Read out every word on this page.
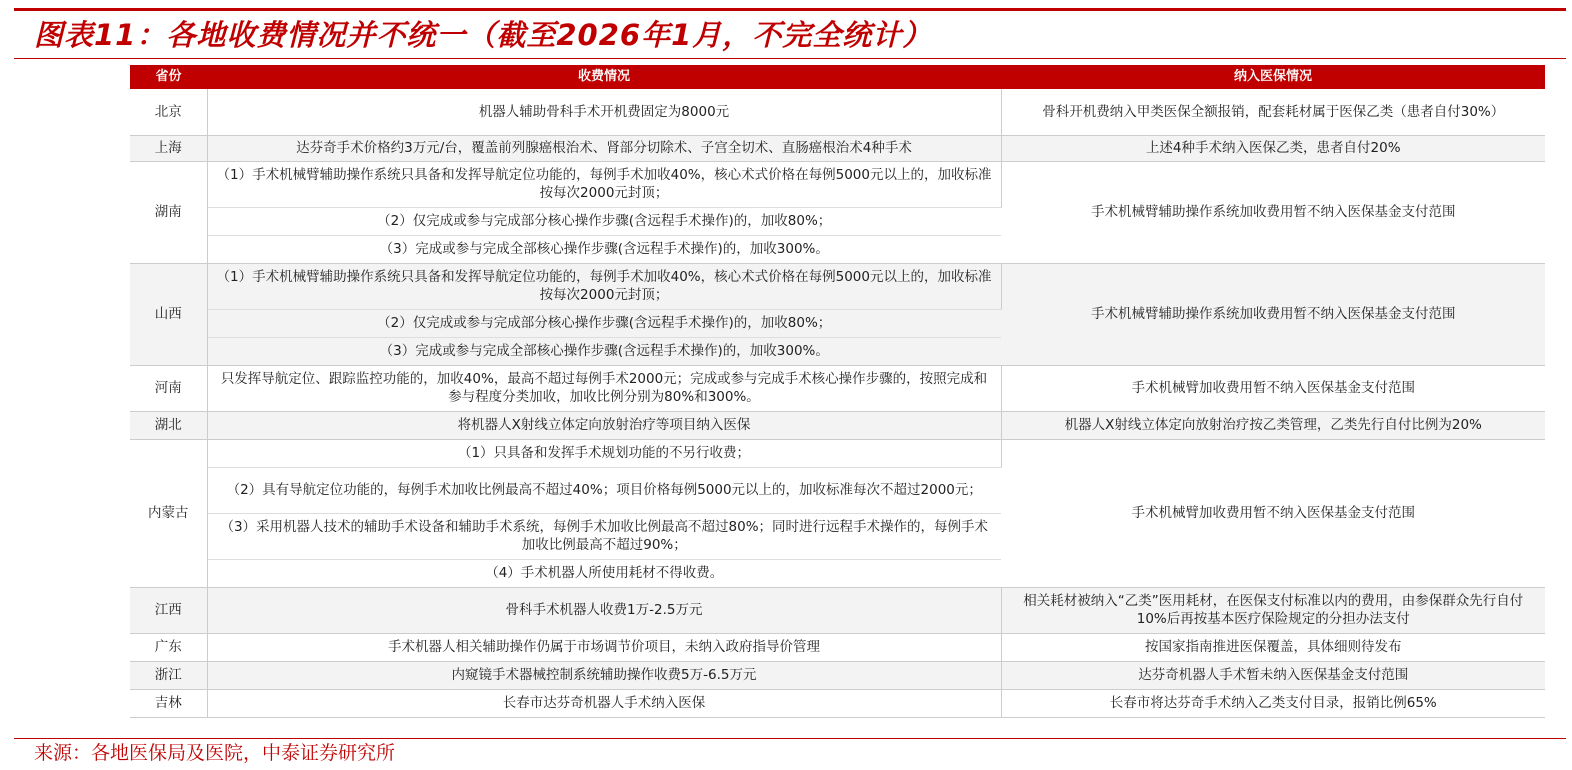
图表11：各地收费情况并不统一（截至2026年1月，不完全统计）
省份	收费情况	纳入医保情况
北京	机器人辅助骨科手术开机费固定为8000元	骨科开机费纳入甲类医保全额报销，配套耗材属于医保乙类（患者自付30%）
上海	达芬奇手术价格约3万元/台，覆盖前列腺癌根治术、肾部分切除术、子宫全切术、直肠癌根治术4种手术	上述4种手术纳入医保乙类，患者自付20%
湖南	（1）手术机械臂辅助操作系统只具备和发挥导航定位功能的，每例手术加收40%，核心术式价格在每例5000元以上的，加收标准按每次2000元封顶；	手术机械臂辅助操作系统加收费用暂不纳入医保基金支付范围
	（2）仅完成或参与完成部分核心操作步骤(含远程手术操作)的，加收80%；	
	（3）完成或参与完成全部核心操作步骤(含远程手术操作)的，加收300%。	
山西	（1）手术机械臂辅助操作系统只具备和发挥导航定位功能的，每例手术加收40%，核心术式价格在每例5000元以上的，加收标准按每次2000元封顶；	手术机械臂辅助操作系统加收费用暂不纳入医保基金支付范围
	（2）仅完成或参与完成部分核心操作步骤(含远程手术操作)的，加收80%；	
	（3）完成或参与完成全部核心操作步骤(含远程手术操作)的，加收300%。	
河南	只发挥导航定位、跟踪监控功能的，加收40%，最高不超过每例手术2000元；完成或参与完成手术核心操作步骤的，按照完成和参与程度分类加收，加收比例分别为80%和300%。	手术机械臂加收费用暂不纳入医保基金支付范围
湖北	将机器人X射线立体定向放射治疗等项目纳入医保	机器人X射线立体定向放射治疗按乙类管理，乙类先行自付比例为20%
内蒙古	（1）只具备和发挥手术规划功能的不另行收费；	手术机械臂加收费用暂不纳入医保基金支付范围
	（2）具有导航定位功能的，每例手术加收比例最高不超过40%；项目价格每例5000元以上的，加收标准每次不超过2000元；	
	（3）采用机器人技术的辅助手术设备和辅助手术系统，每例手术加收比例最高不超过80%；同时进行远程手术操作的，每例手术加收比例最高不超过90%；	
	（4）手术机器人所使用耗材不得收费。	
江西	骨科手术机器人收费1万-2.5万元	相关耗材被纳入“乙类”医用耗材，在医保支付标准以内的费用，由参保群众先行自付10%后再按基本医疗保险规定的分担办法支付
广东	手术机器人相关辅助操作仍属于市场调节价项目，未纳入政府指导价管理	按国家指南推进医保覆盖，具体细则待发布
浙江	内窥镜手术器械控制系统辅助操作收费5万-6.5万元	达芬奇机器人手术暂未纳入医保基金支付范围
吉林	长春市达芬奇机器人手术纳入医保	长春市将达芬奇手术纳入乙类支付目录，报销比例65%
来源：各地医保局及医院，中泰证券研究所
